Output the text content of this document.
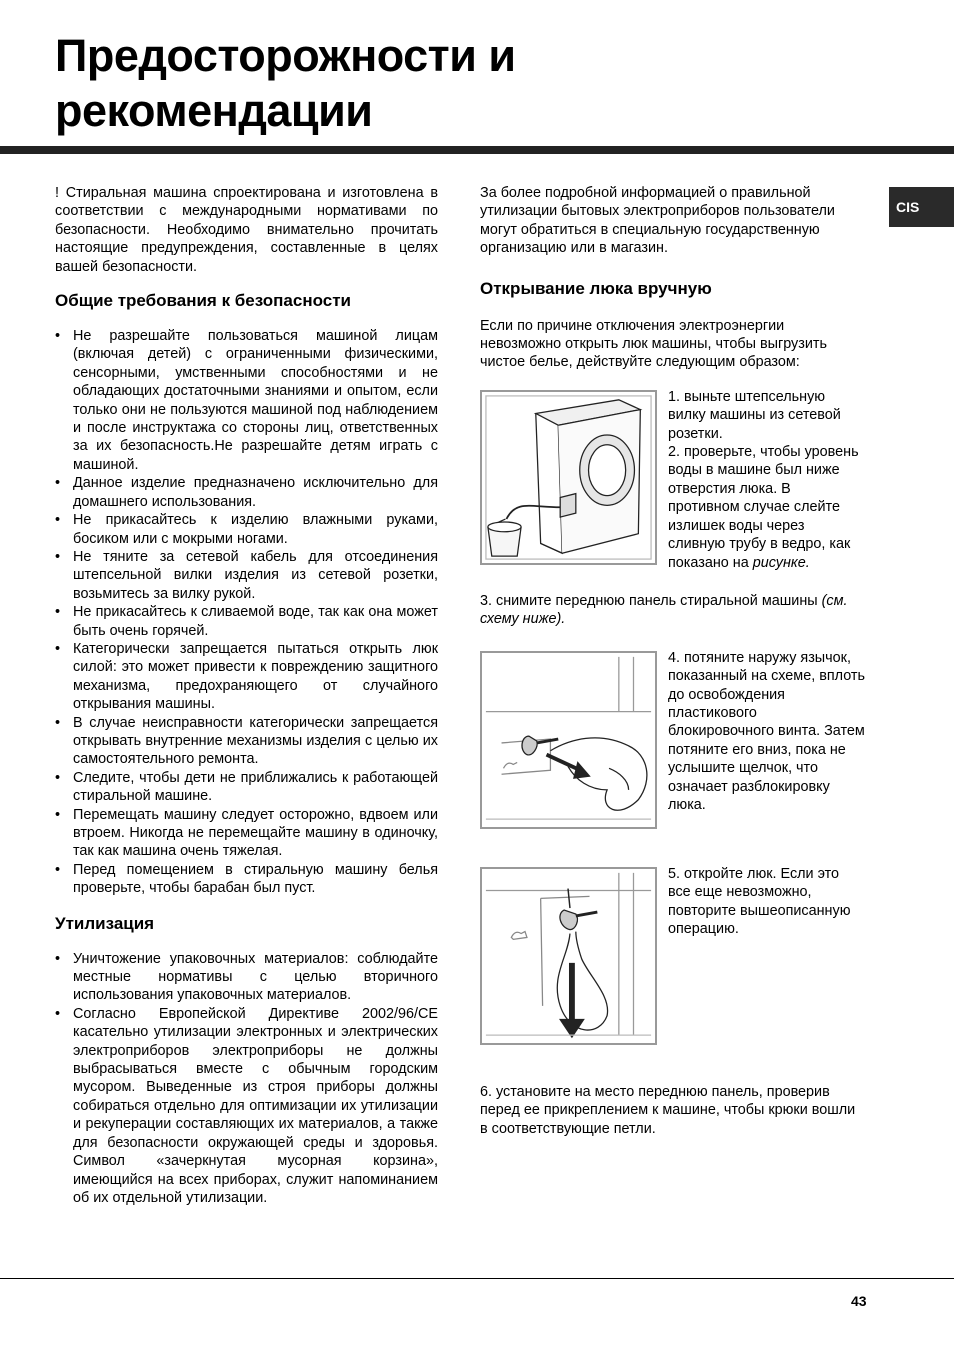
Предосторожности и рекомендации
CIS

! Стиральная машина спроектирована и изготовлена в соответствии с международными нормативами по безопасности. Необходимо внимательно прочитать настоящие предупреждения, составленные в целях вашей безопасности.

Общие требования к безопасности
• Не разрешайте пользоваться машиной лицам (включая детей) с ограниченными физическими, сенсорными, умственными способностями и не обладающих достаточными знаниями и опытом, если только они не пользуются машиной под наблюдением и после инструктажа со стороны лиц, ответственных за их безопасность.Не разрешайте детям играть с машиной.
• Данное изделие предназначено исключительно для домашнего использования.
• Не прикасайтесь к изделию влажными руками, босиком или с мокрыми ногами.
• Не тяните за сетевой кабель для отсоединения штепсельной вилки изделия из сетевой розетки, возьмитесь за вилку рукой.
• Не прикасайтесь к сливаемой воде, так как она может быть очень горячей.
• Категорически запрещается пытаться открыть люк силой: это может привести к повреждению защитного механизма, предохраняющего от случайного открывания машины.
• В случае неисправности категорически запрещается открывать внутренние механизмы изделия с целью их самостоятельного ремонта.
• Следите, чтобы дети не приближались к работающей стиральной машине.
• Перемещать машину следует осторожно, вдвоем или втроем. Никогда не перемещайте машину в одиночку, так как машина очень тяжелая.
• Перед помещением в стиральную машину белья проверьте, чтобы барабан был пуст.
Утилизация
• Уничтожение упаковочных материалов: соблюдайте местные нормативы с целью вторичного использования упаковочных материалов.
• Согласно Европейской Директиве 2002/96/CE касательно утилизации электронных и электрических электроприборов электроприборы не должны выбрасываться вместе с обычным городским мусором. Выведенные из строя приборы должны собираться отдельно для оптимизации их утилизации и рекуперации составляющих их материалов, а также для безопасности окружающей среды и здоровья. Символ «зачеркнутая мусорная корзина», имеющийся на всех приборах, служит напоминанием об их отдельной утилизации.

За более подробной информацией о правильной утилизации бытовых электроприборов пользователи могут обратиться в специальную государственную организацию или в магазин.

Открывание люка вручную

Если по причине отключения электроэнергии невозможно открыть люк машины, чтобы выгрузить чистое белье, действуйте следующим образом:

1. выньте штепсельную вилку машины из сетевой розетки.
2. проверьте, чтобы уровень воды в машине был ниже отверстия люка. В противном случае слейте излишек воды через сливную трубу в ведро, как показано на рисунке.

3. снимите переднюю панель стиральной машины (см. схему ниже).

4. потяните наружу язычок, показанный на схеме, вплоть до освобождения пластикового блокировочного винта. Затем потяните его вниз, пока не услышите щелчок, что означает разблокировку люка.
5. откройте люк. Если это все еще невозможно, повторите вышеописанную операцию.

6. установите на место переднюю панель, проверив перед ее прикреплением к машине, чтобы крюки вошли в соответствующие петли.

43
